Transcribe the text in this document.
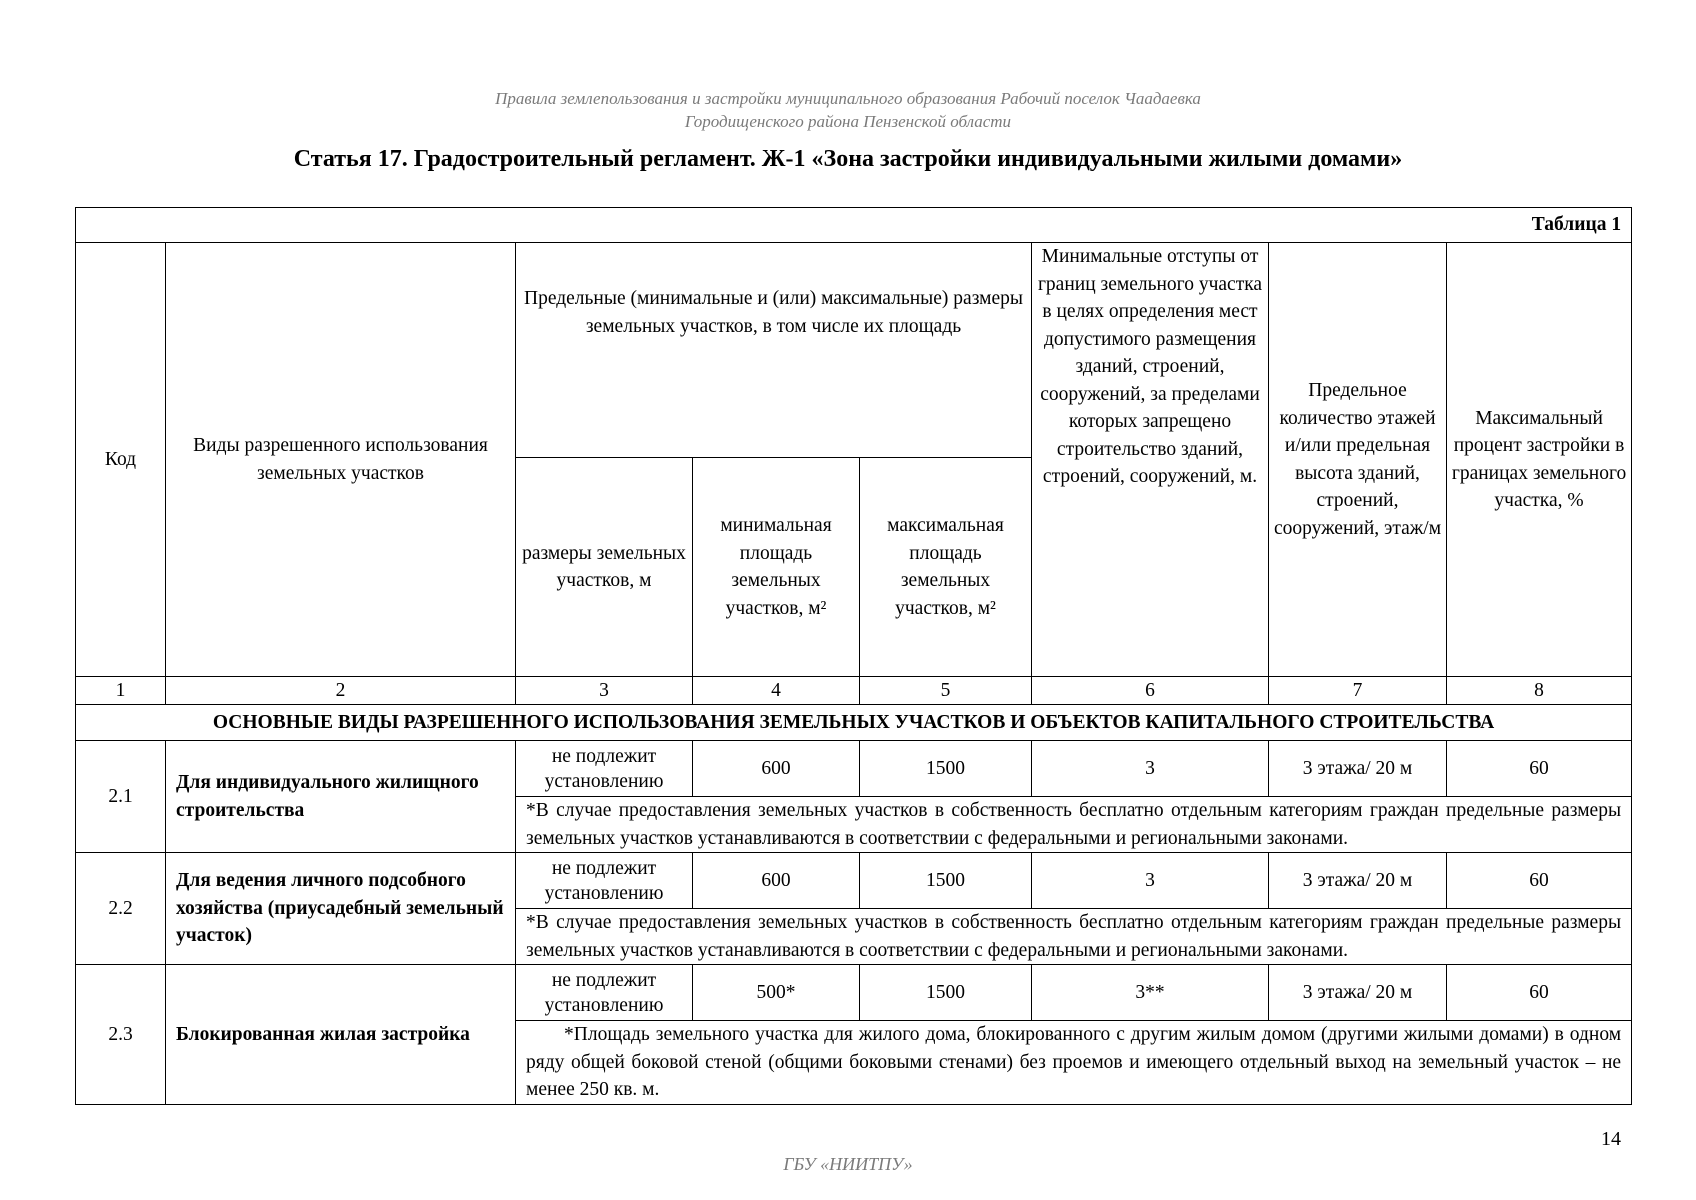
Правила землепользования и застройки муниципального образования Рабочий поселок Чаадаевка
Городищенского района Пензенской области
Статья 17. Градостроительный регламент. Ж-1 «Зона застройки индивидуальными жилыми домами»
Таблица 1							
Код	Виды разрешенного использования земельных участков	Предельные (минимальные и (или) максимальные) размеры земельных участков, в том числе их площадь			Минимальные отступы от границ земельного участка в целях определения мест допустимого размещения зданий, строений, сооружений, за пределами которых запрещено строительство зданий, строений, сооружений, м.	Предельное количество этажей и/или предельная высота зданий, строений, сооружений, этаж/м	Максимальный процент застройки в границах земельного участка, %
		размеры земельных участков, м	минимальная площадь земельных участков, м²	максимальная площадь земельных участков, м²			
1	2	3	4	5	6	7	8
ОСНОВНЫЕ ВИДЫ РАЗРЕШЕННОГО ИСПОЛЬЗОВАНИЯ ЗЕМЕЛЬНЫХ УЧАСТКОВ И ОБЪЕКТОВ КАПИТАЛЬНОГО СТРОИТЕЛЬСТВА							
2.1	Для индивидуального жилищного строительства	не подлежит установлению	600	1500	3	3 этажа/ 20 м	60
		*В случае предоставления земельных участков в собственность бесплатно отдельным категориям граждан предельные размеры земельных участков устанавливаются в соответствии с федеральными и региональными законами.					
2.2	Для ведения личного подсобного хозяйства (приусадебный земельный участок)	не подлежит установлению	600	1500	3	3 этажа/ 20 м	60
		*В случае предоставления земельных участков в собственность бесплатно отдельным категориям граждан предельные размеры земельных участков устанавливаются в соответствии с федеральными и региональными законами.					
2.3	Блокированная жилая застройка	не подлежит установлению	500*	1500	3**	3 этажа/ 20 м	60
		*Площадь земельного участка для жилого дома, блокированного с другим жилым домом (другими жилыми домами) в одном ряду общей боковой стеной (общими боковыми стенами) без проемов и имеющего отдельный выход на земельный участок – не менее 250 кв. м.					
14
ГБУ «НИИТПУ»
